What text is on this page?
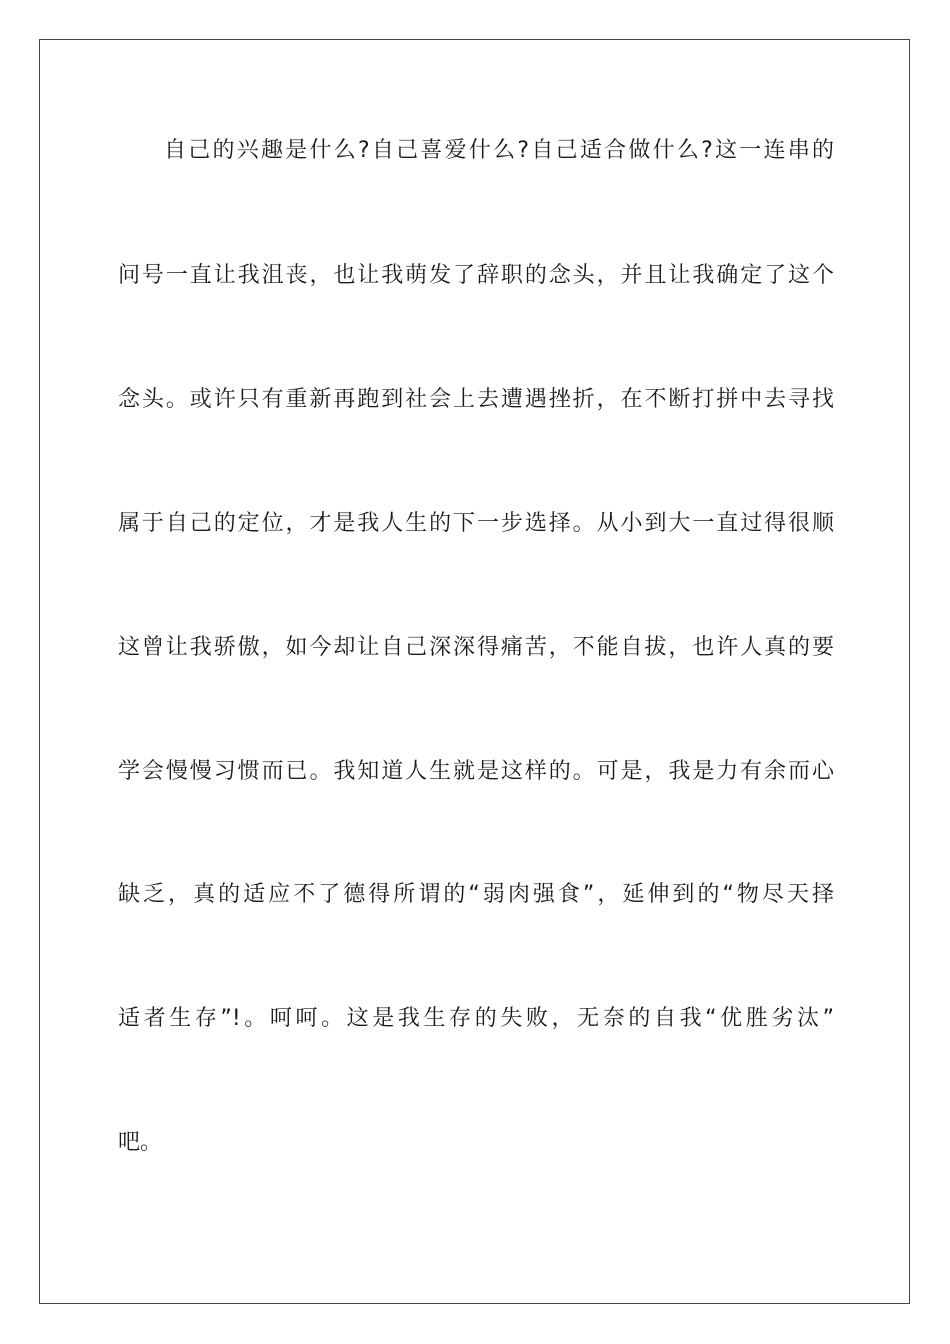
自己的兴趣是什么?自己喜爱什么?自己适合做什么?这一连串的
问号一直让我沮丧，也让我萌发了辞职的念头，并且让我确定了这个
念头。或许只有重新再跑到社会上去遭遇挫折，在不断打拼中去寻找
属于自己的定位，才是我人生的下一步选择。从小到大一直过得很顺
这曾让我骄傲，如今却让自己深深得痛苦，不能自拔，也许人真的要
学会慢慢习惯而已。我知道人生就是这样的。可是，我是力有余而心
缺乏，真的适应不了德得所谓的“弱肉强食”，延伸到的“物尽天择
适者生存”!。呵呵。这是我生存的失败，无奈的自我“优胜劣汰”
吧。
